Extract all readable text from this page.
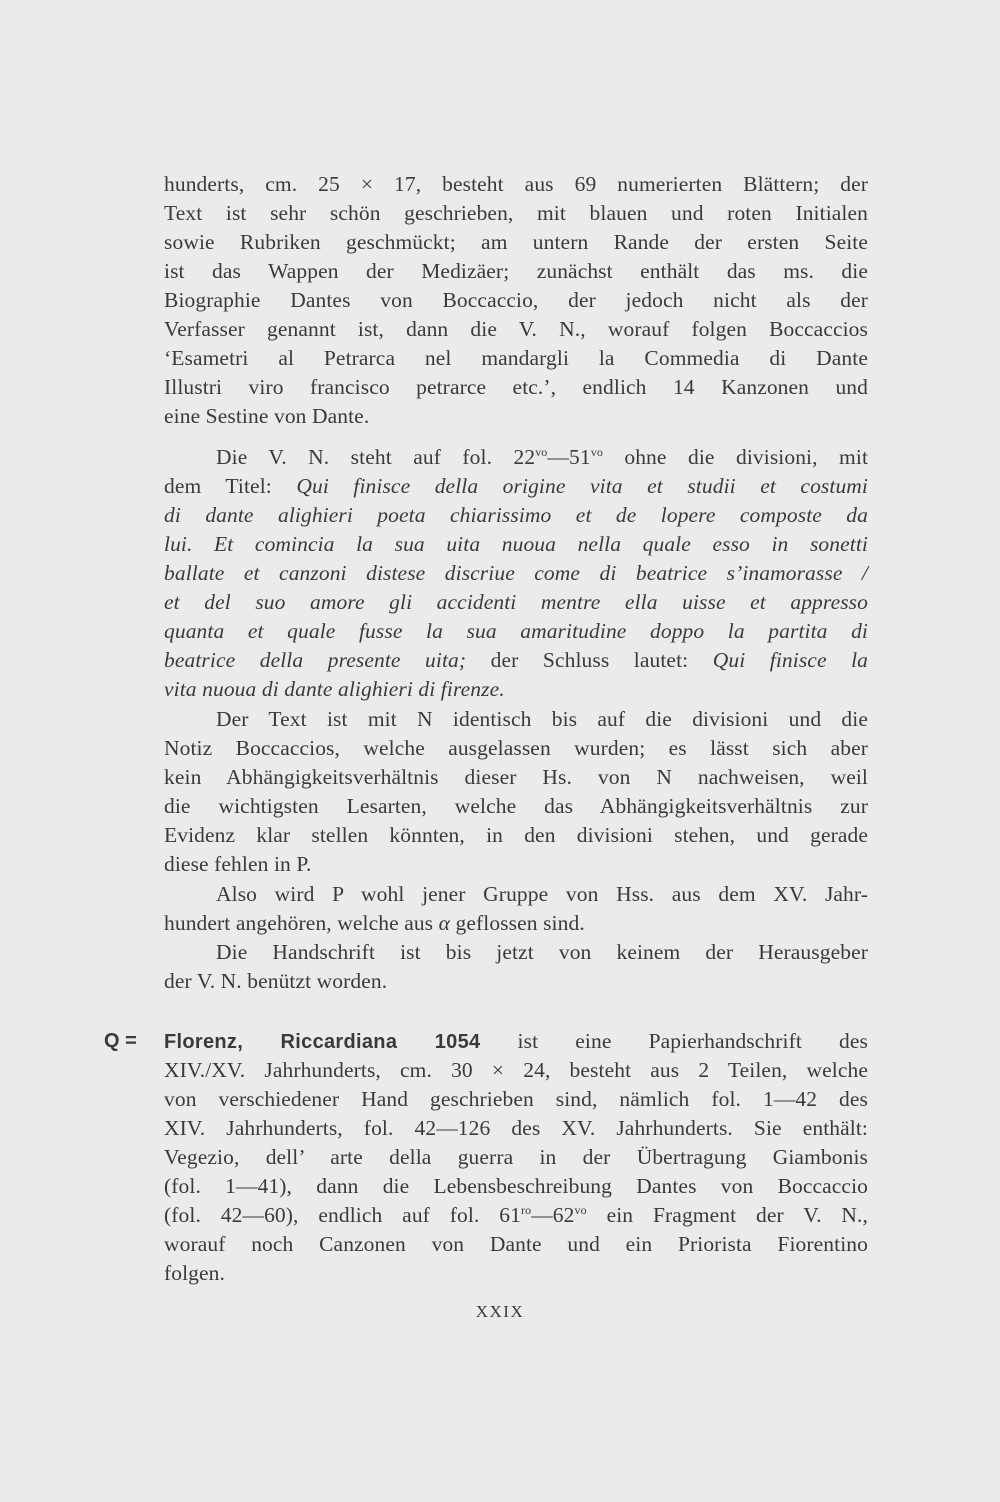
hunderts, cm. 25 × 17, besteht aus 69 numerierten Blättern; der
Text ist sehr schön geschrieben, mit blauen und roten Initialen
sowie Rubriken geschmückt; am untern Rande der ersten Seite
ist das Wappen der Medizäer; zunächst enthält das ms. die
Biographie Dantes von Boccaccio, der jedoch nicht als der
Verfasser genannt ist, dann die V. N., worauf folgen Boccaccios
‘Esametri al Petrarca nel mandargli la Commedia di Dante
Illustri viro francisco petrarce etc.’, endlich 14 Kanzonen und
eine Sestine von Dante.
Die V. N. steht auf fol. $22^{vo}—51^{vo}$ ohne die divisioni, mit
dem Titel: Qui finisce della origine vita et studii et costumi
di dante alighieri poeta chiarissimo et de lopere composte da
lui. Et comincia la sua uita nuoua nella quale esso in sonetti
ballate et canzoni distese discriue come di beatrice s’inamorasse /
et del suo amore gli accidenti mentre ella uisse et appresso
quanta et quale fusse la sua amaritudine doppo la partita di
beatrice della presente uita; der Schluss lautet: Qui finisce la
vita nuoua di dante alighieri di firenze.
Der Text ist mit N identisch bis auf die divisioni und die
Notiz Boccaccios, welche ausgelassen wurden; es lässt sich aber
kein Abhängigkeitsverhältnis dieser Hs. von N nachweisen, weil
die wichtigsten Lesarten, welche das Abhängigkeitsverhältnis zur
Evidenz klar stellen könnten, in den divisioni stehen, und gerade
diese fehlen in P.
Also wird P wohl jener Gruppe von Hss. aus dem XV. Jahr-
hundert angehören, welche aus α geflossen sind.
Die Handschrift ist bis jetzt von keinem der Herausgeber
der V. N. benützt worden.
Q = Florenz, Riccardiana 1054 ist eine Papierhandschrift des
XIV./XV. Jahrhunderts, cm. 30 × 24, besteht aus 2 Teilen, welche
von verschiedener Hand geschrieben sind, nämlich fol. 1—42 des
XIV. Jahrhunderts, fol. 42—126 des XV. Jahrhunderts. Sie enthält:
Vegezio, dell’ arte della guerra in der Übertragung Giambonis
(fol. 1—41), dann die Lebensbeschreibung Dantes von Boccaccio
(fol. 42—60), endlich auf fol. $61^{ro}—62^{vo}$ ein Fragment der V. N.,
worauf noch Canzonen von Dante und ein Priorista Fiorentino
folgen.
XXIX
